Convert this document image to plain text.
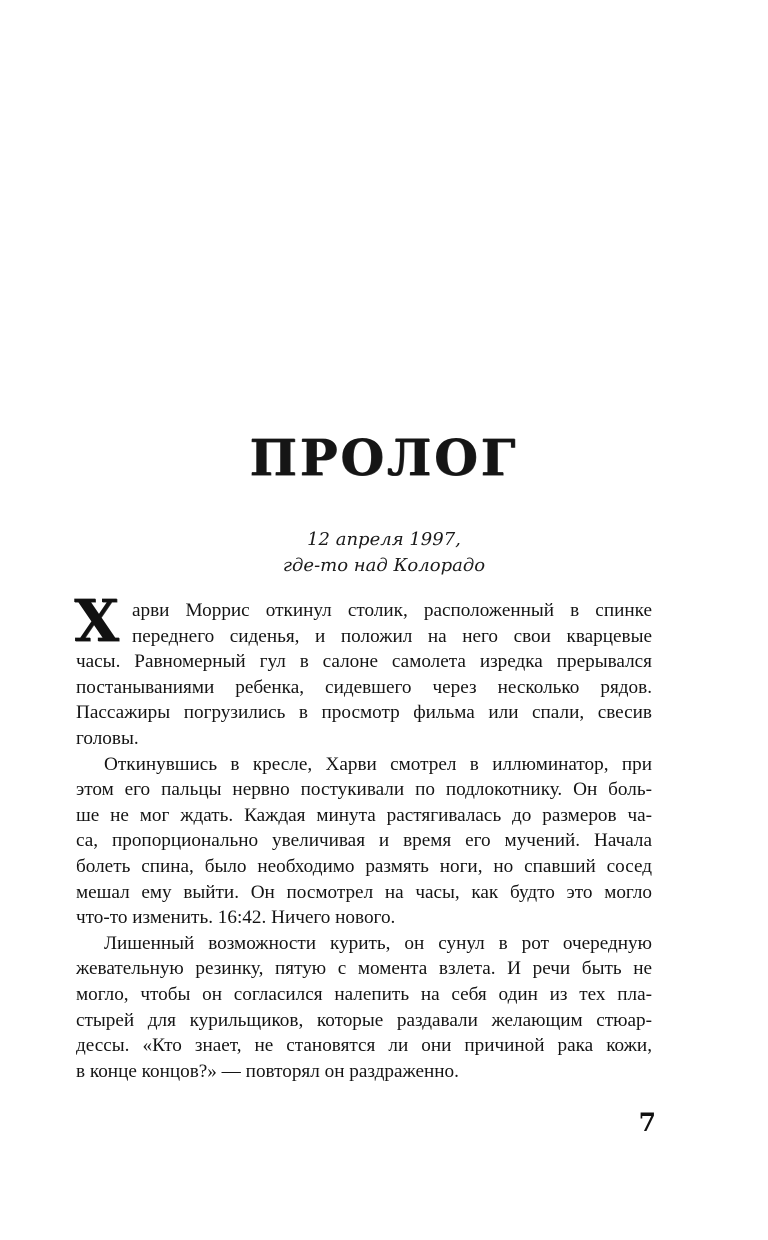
ПРОЛОГ
12 апреля 1997,
где-то над Колорадо
Х арви Моррис откинул столик, расположенный в спинке
переднего сиденья, и положил на него свои кварцевые
часы. Равномерный гул в салоне самолета изредка прерывался
постанываниями ребенка, сидевшего через несколько рядов.
Пассажиры погрузились в просмотр фильма или спали, свесив
головы.
Откинувшись в кресле, Харви смотрел в иллюминатор, при
этом его пальцы нервно постукивали по подлокотнику. Он боль-
ше не мог ждать. Каждая минута растягивалась до размеров ча-
са, пропорционально увеличивая и время его мучений. Начала
болеть спина, было необходимо размять ноги, но спавший сосед
мешал ему выйти. Он посмотрел на часы, как будто это могло
что-то изменить. 16:42. Ничего нового.
Лишенный возможности курить, он сунул в рот очередную
жевательную резинку, пятую с момента взлета. И речи быть не
могло, чтобы он согласился налепить на себя один из тех пла-
стырей для курильщиков, которые раздавали желающим стюар-
дессы. «Кто знает, не становятся ли они причиной рака кожи,
в конце концов?» — повторял он раздраженно.
7
